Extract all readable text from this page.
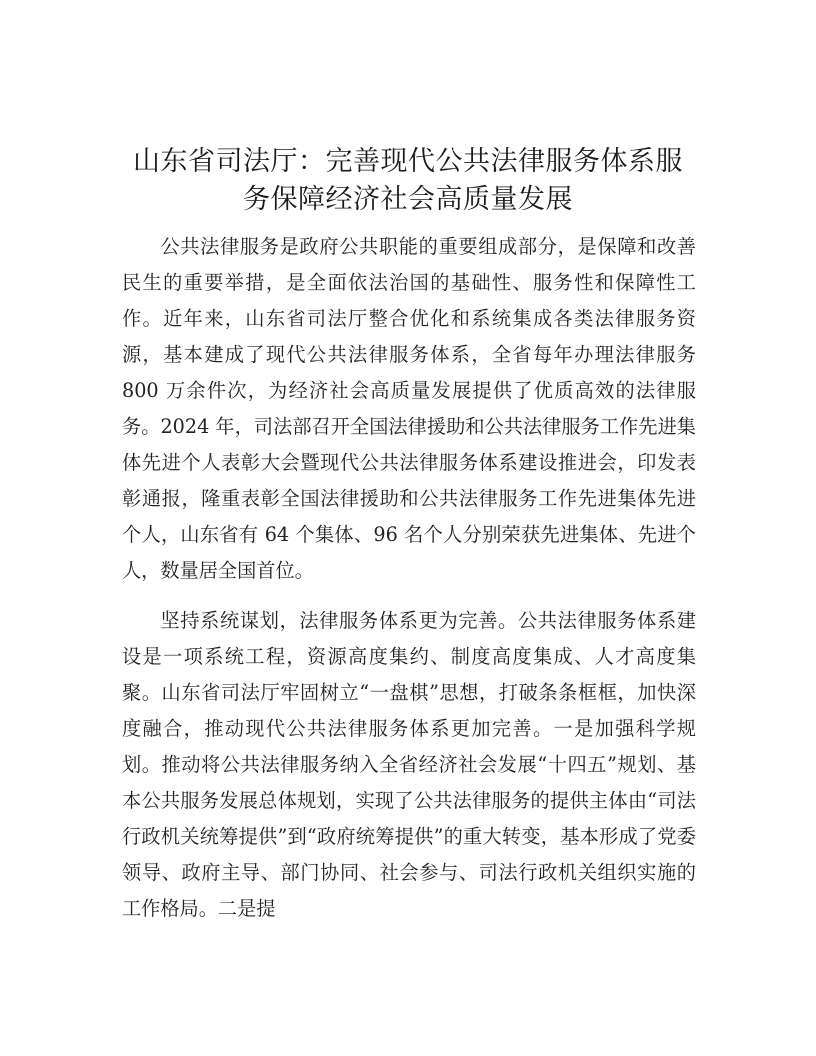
山东省司法厅：完善现代公共法律服务体系服
务保障经济社会高质量发展

公共法律服务是政府公共职能的重要组成部分，是保障和改善民生的重要举措，是全面依法治国的基础性、服务性和保障性工作。近年来，山东省司法厅整合优化和系统集成各类法律服务资源，基本建成了现代公共法律服务体系，全省每年办理法律服务 800 万余件次，为经济社会高质量发展提供了优质高效的法律服务。2024 年，司法部召开全国法律援助和公共法律服务工作先进集体先进个人表彰大会暨现代公共法律服务体系建设推进会，印发表彰通报，隆重表彰全国法律援助和公共法律服务工作先进集体先进个人，山东省有 64 个集体、96 名个人分别荣获先进集体、先进个人，数量居全国首位。

坚持系统谋划，法律服务体系更为完善。公共法律服务体系建设是一项系统工程，资源高度集约、制度高度集成、人才高度集聚。山东省司法厅牢固树立“一盘棋”思想，打破条条框框，加快深度融合，推动现代公共法律服务体系更加完善。一是加强科学规划。推动将公共法律服务纳入全省经济社会发展“十四五”规划、基本公共服务发展总体规划，实现了公共法律服务的提供主体由“司法行政机关统筹提供”到“政府统筹提供”的重大转变，基本形成了党委领导、政府主导、部门协同、社会参与、司法行政机关组织实施的工作格局。二是提
